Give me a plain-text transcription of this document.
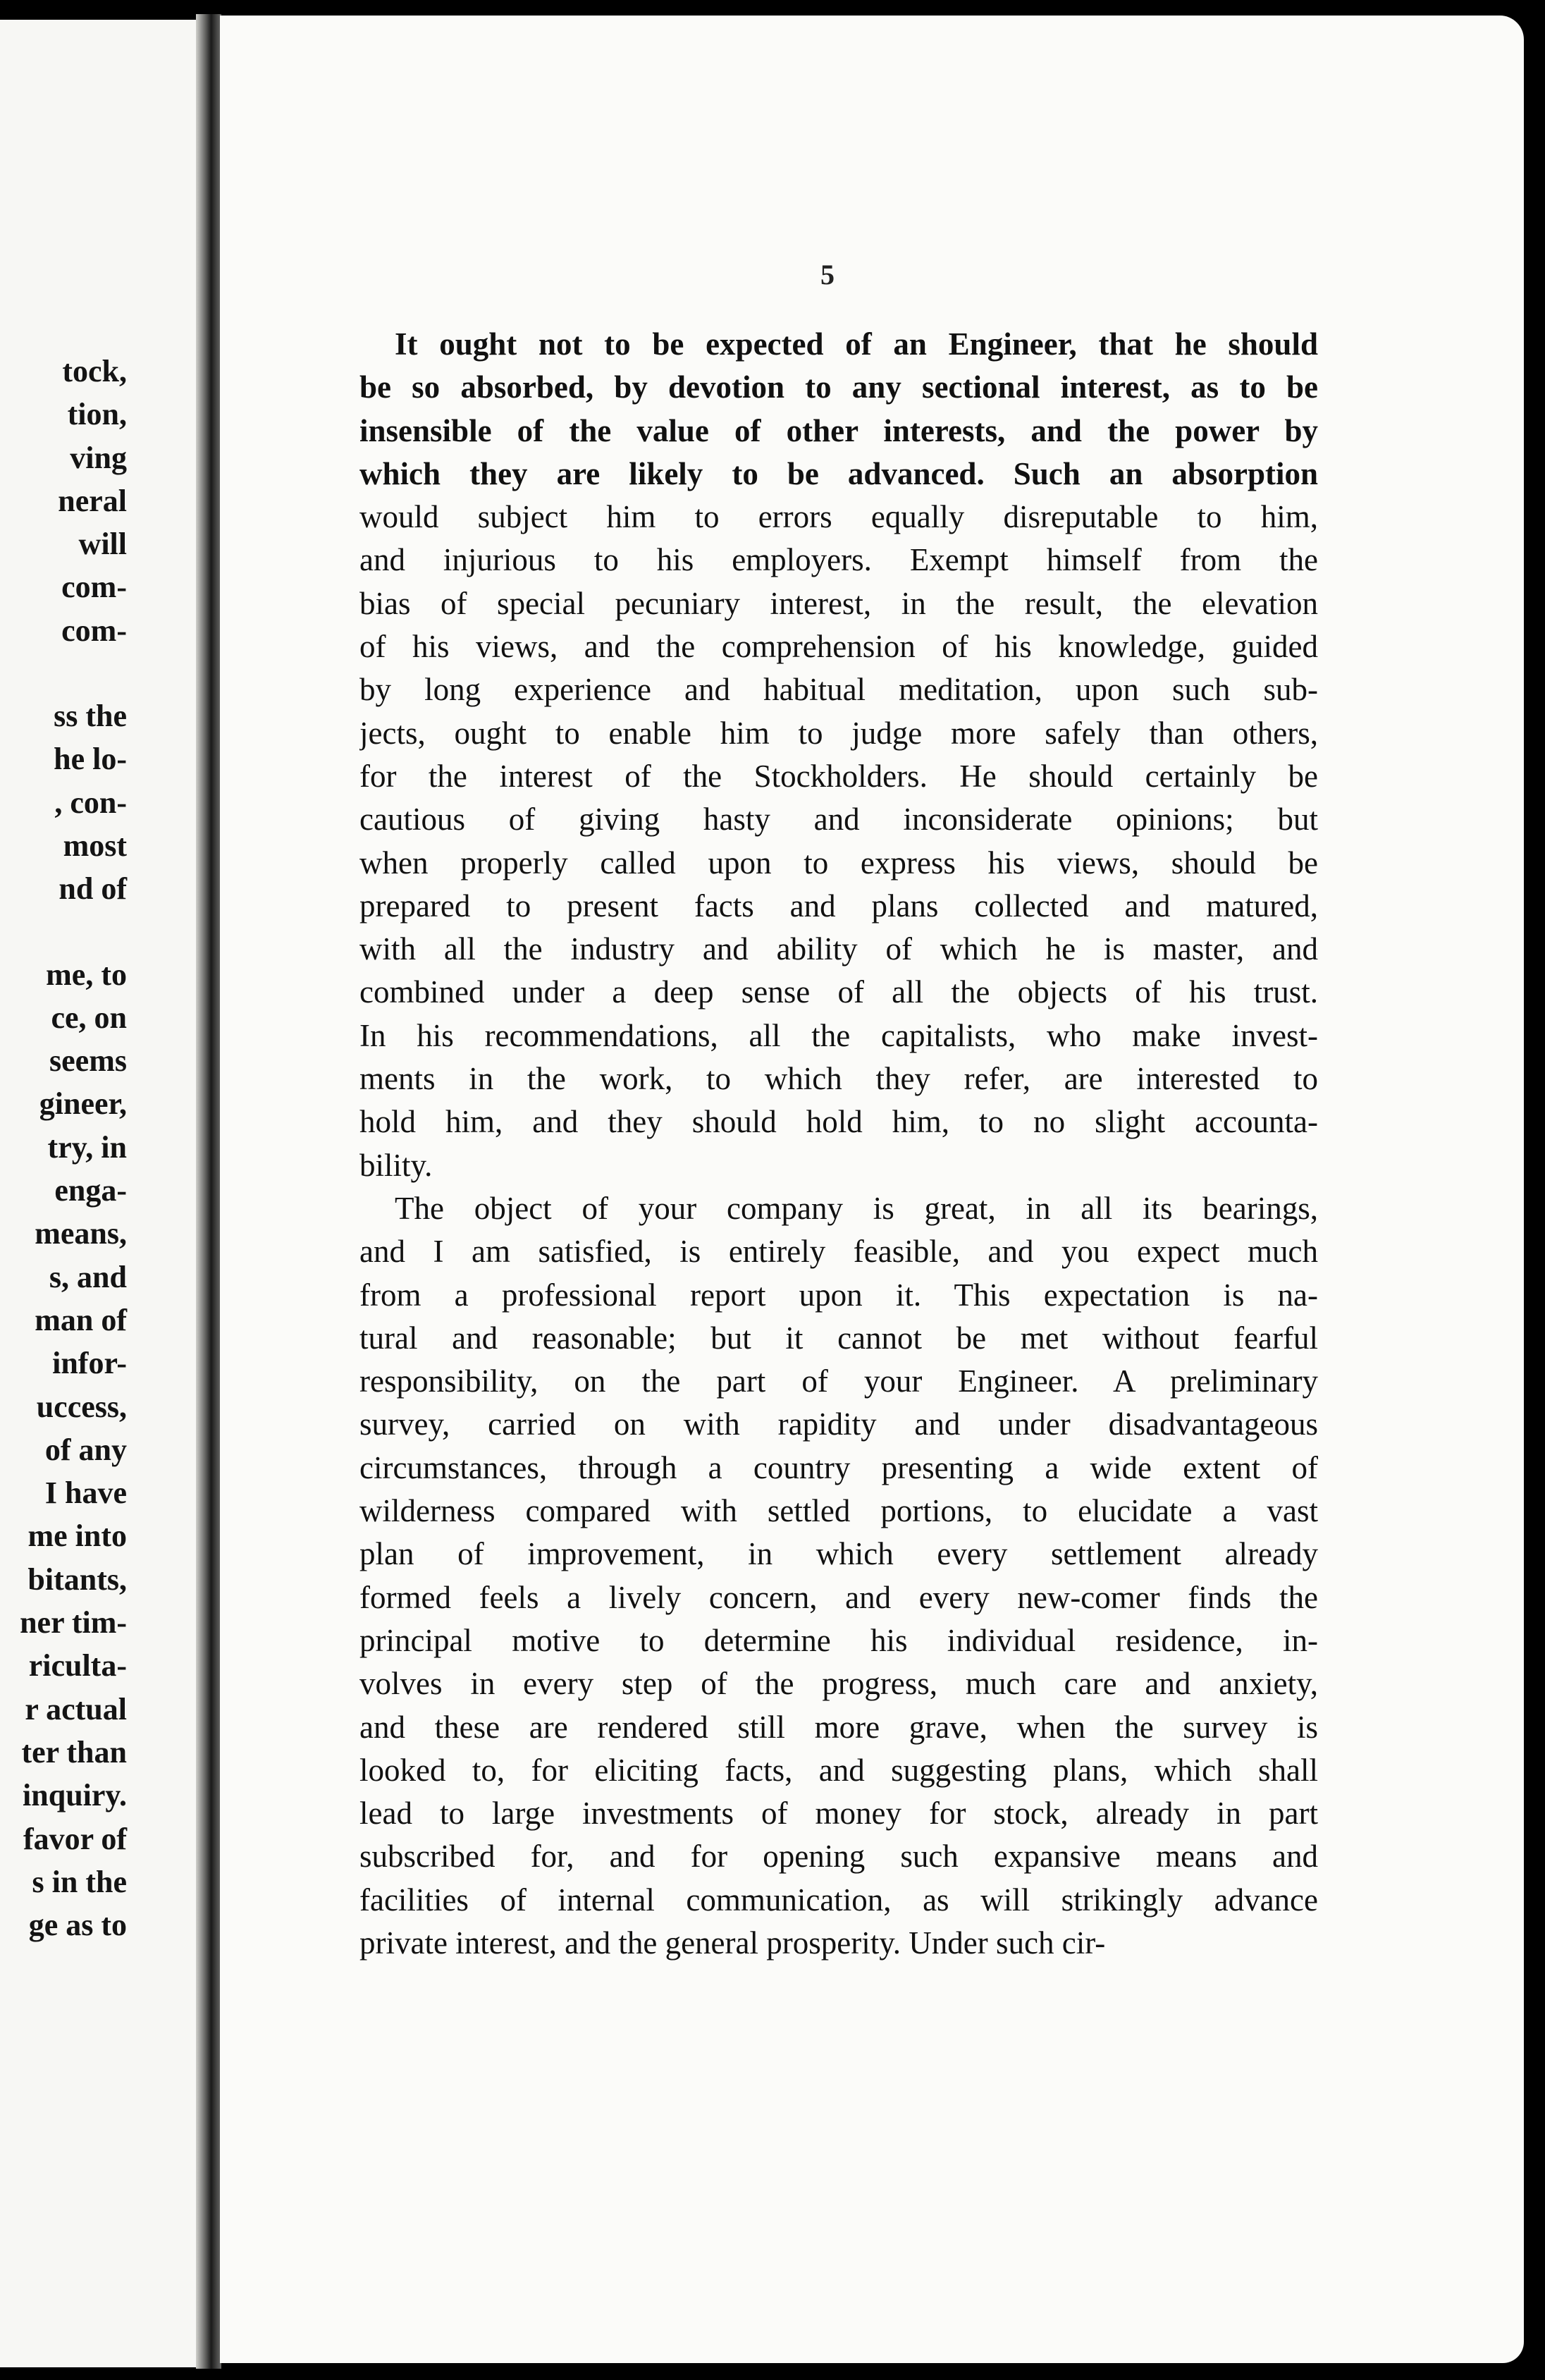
tock,
tion,
ving
neral
will
com-
com-
ss the
he lo-
, con-
most
nd of
me, to
ce, on
seems
gineer,
try, in
enga-
means,
s, and
man of
infor-
uccess,
of any
I have
me into
bitants,
ner tim-
riculta-
r actual
ter than
inquiry.
favor of
s in the
ge as to
5
It ought not to be expected of an Engineer, that he should
be so absorbed, by devotion to any sectional interest, as to be
insensible of the value of other interests, and the power by
which they are likely to be advanced. Such an absorption
would subject him to errors equally disreputable to him,
and injurious to his employers. Exempt himself from the
bias of special pecuniary interest, in the result, the elevation
of his views, and the comprehension of his knowledge, guided
by long experience and habitual meditation, upon such sub-
jects, ought to enable him to judge more safely than others,
for the interest of the Stockholders. He should certainly be
cautious of giving hasty and inconsiderate opinions; but
when properly called upon to express his views, should be
prepared to present facts and plans collected and matured,
with all the industry and ability of which he is master, and
combined under a deep sense of all the objects of his trust.
In his recommendations, all the capitalists, who make invest-
ments in the work, to which they refer, are interested to
hold him, and they should hold him, to no slight accounta-
bility.
The object of your company is great, in all its bearings,
and I am satisfied, is entirely feasible, and you expect much
from a professional report upon it. This expectation is na-
tural and reasonable; but it cannot be met without fearful
responsibility, on the part of your Engineer. A preliminary
survey, carried on with rapidity and under disadvantageous
circumstances, through a country presenting a wide extent of
wilderness compared with settled portions, to elucidate a vast
plan of improvement, in which every settlement already
formed feels a lively concern, and every new-comer finds the
principal motive to determine his individual residence, in-
volves in every step of the progress, much care and anxiety,
and these are rendered still more grave, when the survey is
looked to, for eliciting facts, and suggesting plans, which shall
lead to large investments of money for stock, already in part
subscribed for, and for opening such expansive means and
facilities of internal communication, as will strikingly advance
private interest, and the general prosperity. Under such cir-
